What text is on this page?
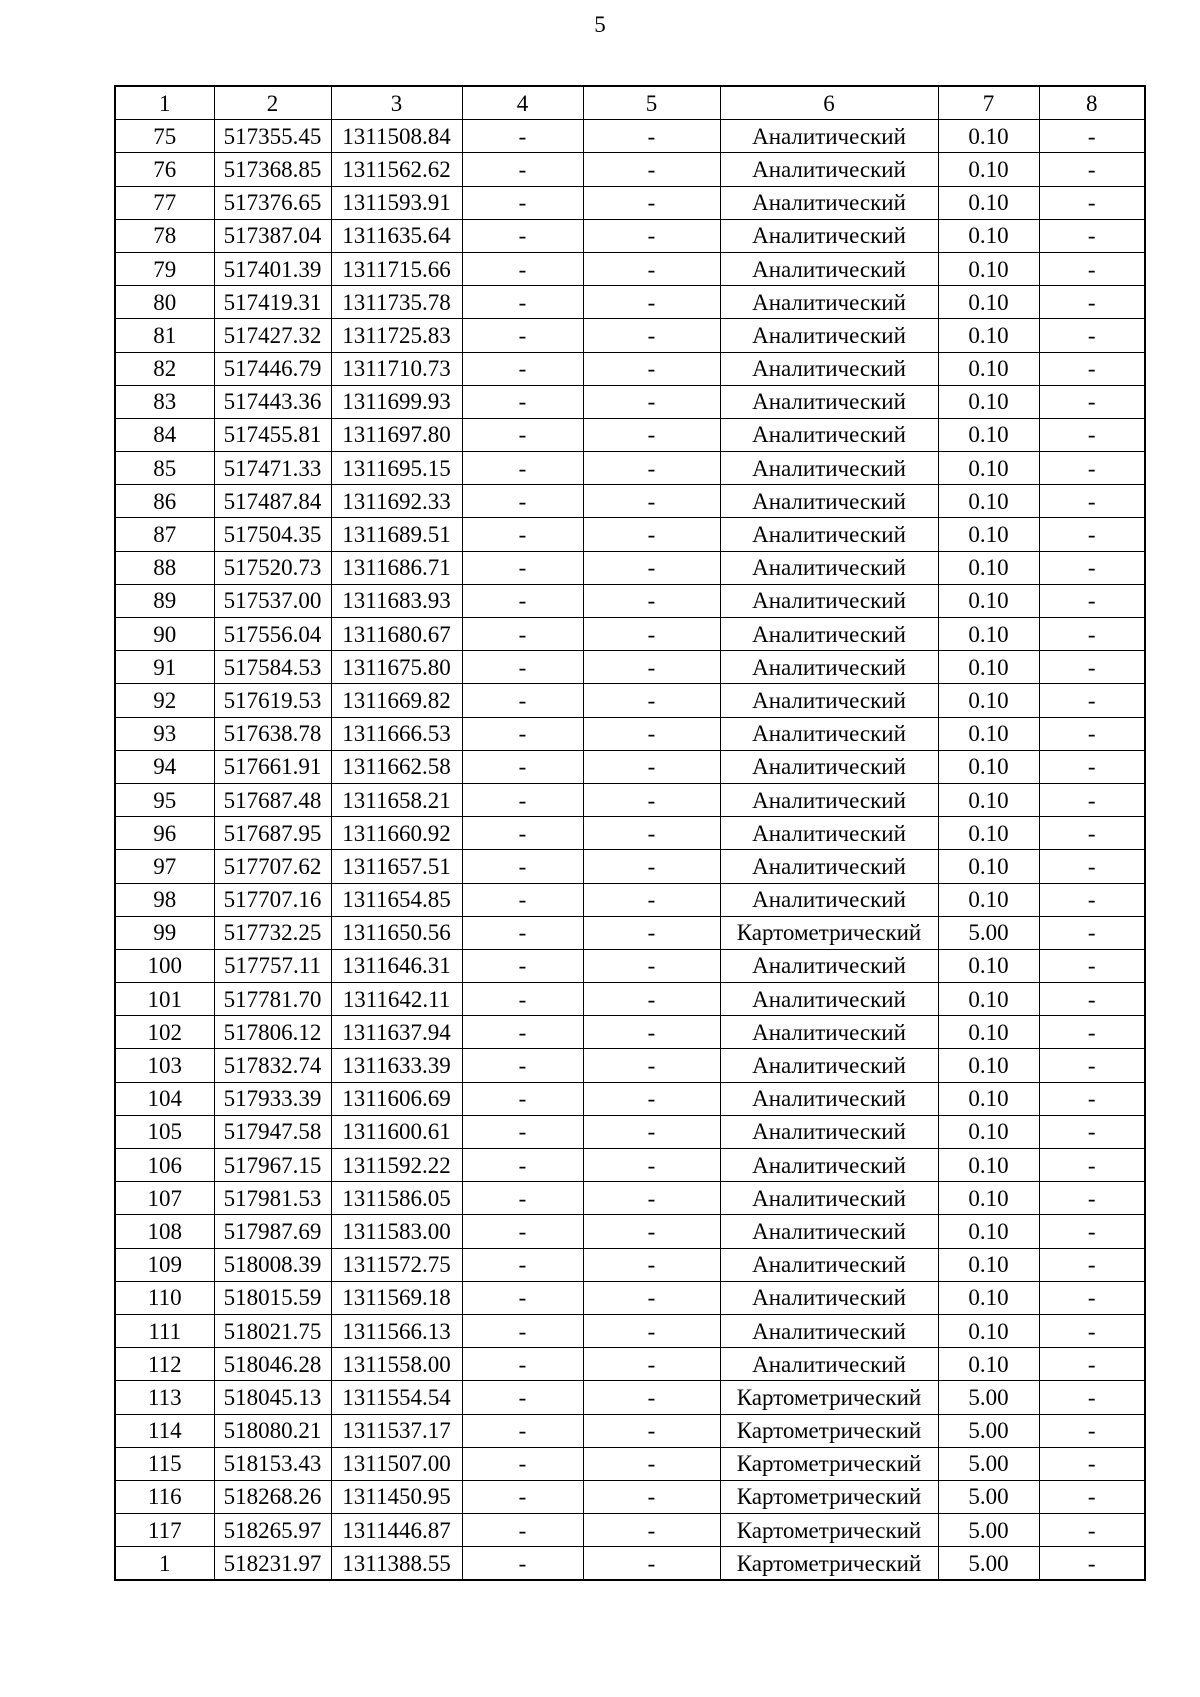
5
1	2	3	4	5	6	7	8
75	517355.45	1311508.84	-	-	Аналитический	0.10	-
76	517368.85	1311562.62	-	-	Аналитический	0.10	-
77	517376.65	1311593.91	-	-	Аналитический	0.10	-
78	517387.04	1311635.64	-	-	Аналитический	0.10	-
79	517401.39	1311715.66	-	-	Аналитический	0.10	-
80	517419.31	1311735.78	-	-	Аналитический	0.10	-
81	517427.32	1311725.83	-	-	Аналитический	0.10	-
82	517446.79	1311710.73	-	-	Аналитический	0.10	-
83	517443.36	1311699.93	-	-	Аналитический	0.10	-
84	517455.81	1311697.80	-	-	Аналитический	0.10	-
85	517471.33	1311695.15	-	-	Аналитический	0.10	-
86	517487.84	1311692.33	-	-	Аналитический	0.10	-
87	517504.35	1311689.51	-	-	Аналитический	0.10	-
88	517520.73	1311686.71	-	-	Аналитический	0.10	-
89	517537.00	1311683.93	-	-	Аналитический	0.10	-
90	517556.04	1311680.67	-	-	Аналитический	0.10	-
91	517584.53	1311675.80	-	-	Аналитический	0.10	-
92	517619.53	1311669.82	-	-	Аналитический	0.10	-
93	517638.78	1311666.53	-	-	Аналитический	0.10	-
94	517661.91	1311662.58	-	-	Аналитический	0.10	-
95	517687.48	1311658.21	-	-	Аналитический	0.10	-
96	517687.95	1311660.92	-	-	Аналитический	0.10	-
97	517707.62	1311657.51	-	-	Аналитический	0.10	-
98	517707.16	1311654.85	-	-	Аналитический	0.10	-
99	517732.25	1311650.56	-	-	Картометрический	5.00	-
100	517757.11	1311646.31	-	-	Аналитический	0.10	-
101	517781.70	1311642.11	-	-	Аналитический	0.10	-
102	517806.12	1311637.94	-	-	Аналитический	0.10	-
103	517832.74	1311633.39	-	-	Аналитический	0.10	-
104	517933.39	1311606.69	-	-	Аналитический	0.10	-
105	517947.58	1311600.61	-	-	Аналитический	0.10	-
106	517967.15	1311592.22	-	-	Аналитический	0.10	-
107	517981.53	1311586.05	-	-	Аналитический	0.10	-
108	517987.69	1311583.00	-	-	Аналитический	0.10	-
109	518008.39	1311572.75	-	-	Аналитический	0.10	-
110	518015.59	1311569.18	-	-	Аналитический	0.10	-
111	518021.75	1311566.13	-	-	Аналитический	0.10	-
112	518046.28	1311558.00	-	-	Аналитический	0.10	-
113	518045.13	1311554.54	-	-	Картометрический	5.00	-
114	518080.21	1311537.17	-	-	Картометрический	5.00	-
115	518153.43	1311507.00	-	-	Картометрический	5.00	-
116	518268.26	1311450.95	-	-	Картометрический	5.00	-
117	518265.97	1311446.87	-	-	Картометрический	5.00	-
1	518231.97	1311388.55	-	-	Картометрический	5.00	-
